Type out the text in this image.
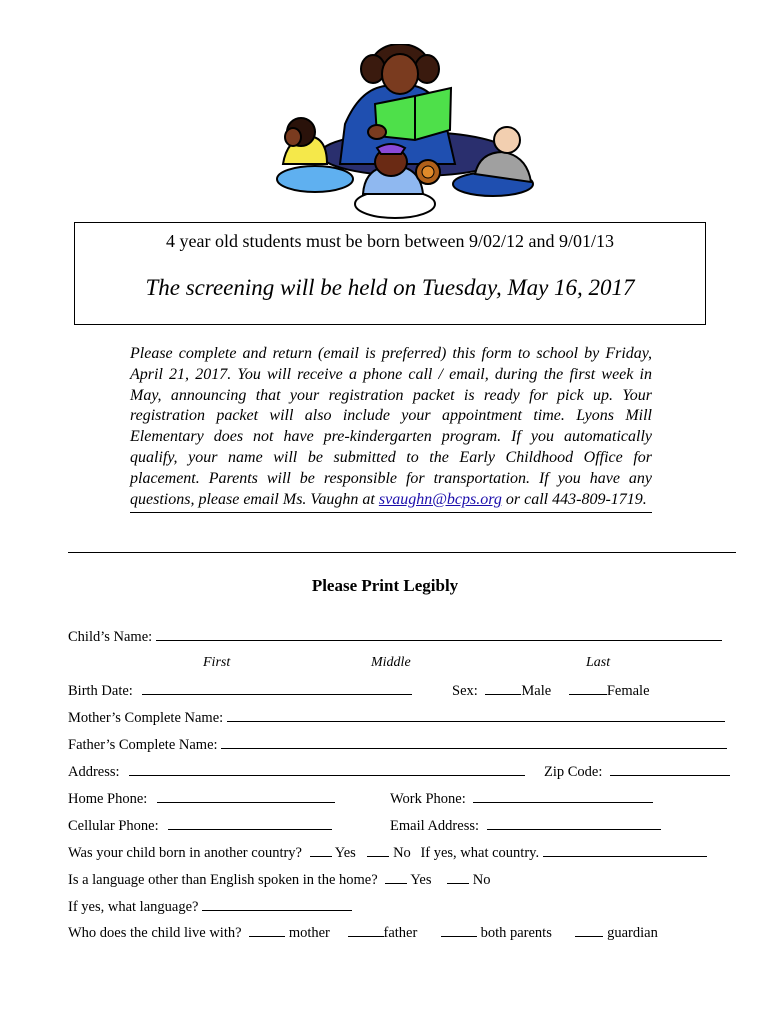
4 year old students must be born between 9/02/12 and 9/01/13
The screening will be held on Tuesday, May 16, 2017
Please complete and return (email is preferred) this form to school by Friday, April 21, 2017. You will receive a phone call / email, during the first week in May, announcing that your registration packet is ready for pick up. Your registration packet will also include your appointment time. Lyons Mill Elementary does not have pre-kindergarten program. If you automatically qualify, your name will be submitted to the Early Childhood Office for placement. Parents will be responsible for transportation. If you have any questions, please email Ms. Vaughn at svaughn@bcps.org or call 443-809-1719.
Please Print Legibly
Child’s Name:
First	Middle	Last
Birth Date:	Sex:	Male	Female
Mother’s Complete Name:
Father’s Complete Name:
Address:	Zip Code:
Home Phone:	Work Phone:
Cellular Phone:	Email Address:
Was your child born in another country? Yes	No If yes, what country.
Is a language other than English spoken in the home? Yes	No
If yes, what language?
Who does the child live with?	mother	father	both parents	guardian
